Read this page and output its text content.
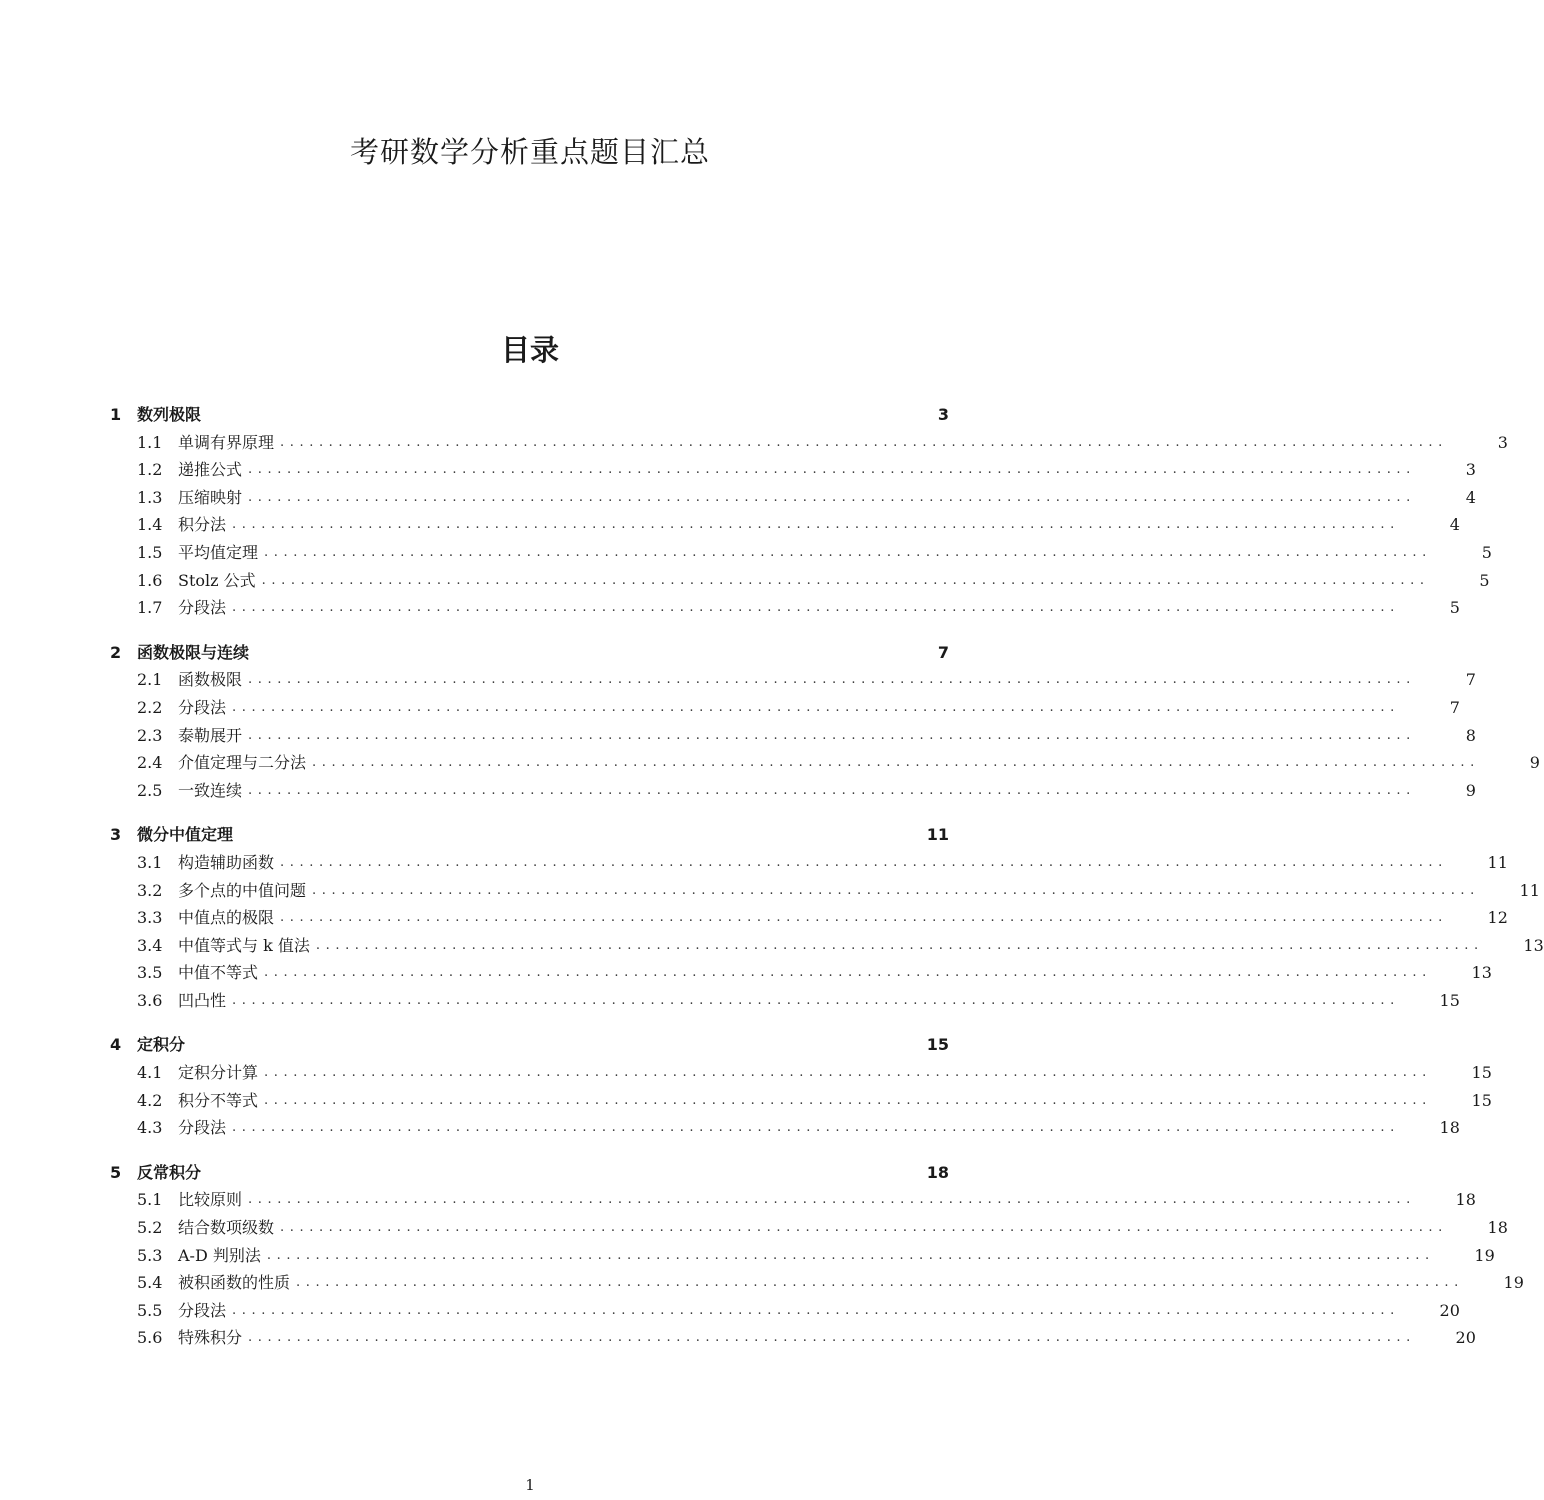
考研数学分析重点题目汇总
目录
1 数列极限	3
1.1 单调有界原理 ........................................................................................................................	3
1.2 递推公式 ........................................................................................................................	3
1.3 压缩映射 ........................................................................................................................	4
1.4 积分法 ........................................................................................................................	4
1.5 平均值定理 ........................................................................................................................	5
1.6 Stolz 公式 ........................................................................................................................	5
1.7 分段法 ........................................................................................................................	5
2 函数极限与连续	7
2.1 函数极限 ........................................................................................................................	7
2.2 分段法 ........................................................................................................................	7
2.3 泰勒展开 ........................................................................................................................	8
2.4 介值定理与二分法 ........................................................................................................................	9
2.5 一致连续 ........................................................................................................................	9
3 微分中值定理	11
3.1 构造辅助函数 ........................................................................................................................ 11
3.2 多个点的中值问题 ........................................................................................................................ 11
3.3 中值点的极限 ........................................................................................................................ 12
3.4 中值等式与 k 值法 ........................................................................................................................ 13
3.5 中值不等式 ........................................................................................................................ 13
3.6 凹凸性 ........................................................................................................................ 15
4 定积分	15
4.1 定积分计算 ........................................................................................................................ 15
4.2 积分不等式 ........................................................................................................................ 15
4.3 分段法 ........................................................................................................................ 18
5 反常积分	18
5.1 比较原则 ........................................................................................................................ 18
5.2 结合数项级数 ........................................................................................................................ 18
5.3 A-D 判别法 ........................................................................................................................ 19
5.4 被积函数的性质 ........................................................................................................................ 19
5.5 分段法 ........................................................................................................................ 20
5.6 特殊积分 ........................................................................................................................ 20
1
